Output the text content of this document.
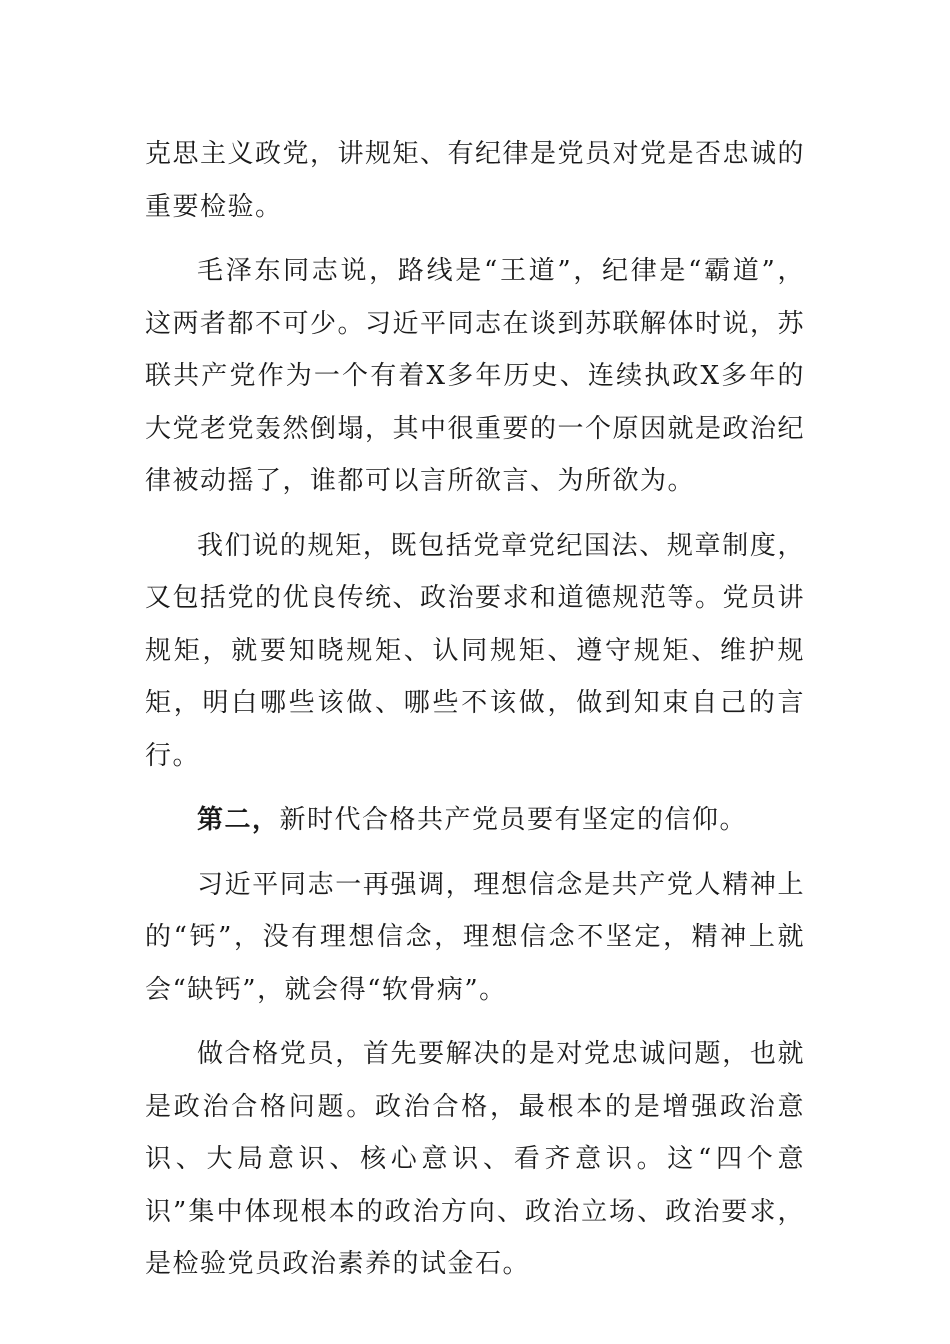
克思主义政党，讲规矩、有纪律是党员对党是否忠诚的重要检验。

毛泽东同志说，路线是“王道”，纪律是“霸道”，这两者都不可少。习近平同志在谈到苏联解体时说，苏联共产党作为一个有着X多年历史、连续执政X多年的大党老党轰然倒塌，其中很重要的一个原因就是政治纪律被动摇了，谁都可以言所欲言、为所欲为。

我们说的规矩，既包括党章党纪国法、规章制度，又包括党的优良传统、政治要求和道德规范等。党员讲规矩，就要知晓规矩、认同规矩、遵守规矩、维护规矩，明白哪些该做、哪些不该做，做到知束自己的言行。

第二，新时代合格共产党员要有坚定的信仰。

习近平同志一再强调，理想信念是共产党人精神上的“钙”，没有理想信念，理想信念不坚定，精神上就会“缺钙”，就会得“软骨病”。

做合格党员，首先要解决的是对党忠诚问题，也就是政治合格问题。政治合格，最根本的是增强政治意识、大局意识、核心意识、看齐意识。这“四个意识”集中体现根本的政治方向、政治立场、政治要求，是检验党员政治素养的试金石。
